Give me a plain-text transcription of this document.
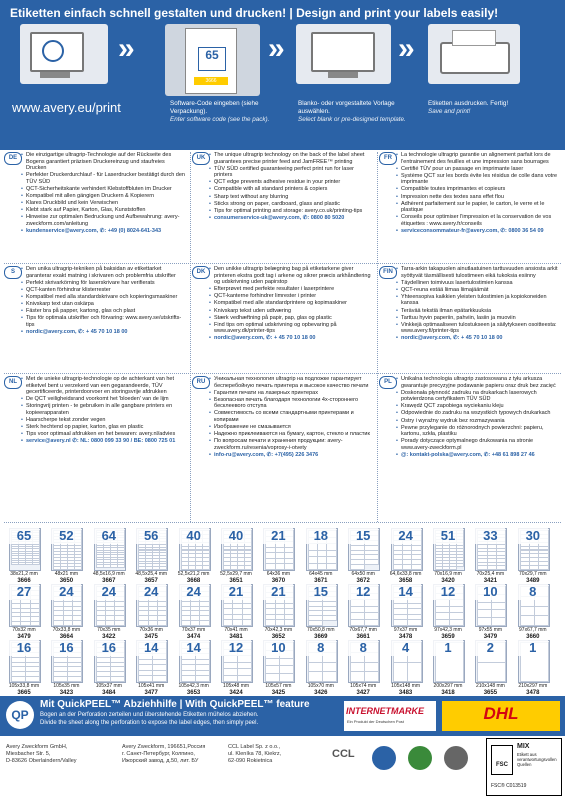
Etiketten einfach schnell gestalten und drucken! | Design and print your labels easily!
»	65
3666
»	»
www.avery.eu/print	Software-Code eingeben (siehe Verpackung).
Enter software code (see the pack).
Blanko- oder vorgestaltete Vorlage auswählen.
Select blank or pre-designed template.
Etiketten ausdrucken. Fertig!
Save and print!
DE	• Die einzigartige ultragrip-Technologie auf der Rückseite des Bogens garantiert präzisen Druckereinzug und staufreies Drucken
• Perfekter Druckerdurchlauf - für Laserdrucker bestätigt durch den TÜV SÜD
• QCT-Sicherheitskante verhindert Klebstoffbluten im Drucker
• Kompatibel mit allen gängigen Druckern & Kopierern
• Klares Druckbild und kein Verwischen
• Klebt stark auf Papier, Karton, Glas, Kunststoffen
• Hinweise zur optimalen Bedruckung und Aufbewahrung: avery-zweckform.com/anleitung
• kundenservice@avery.com, ✆: +49 (0) 8024-641-343
UK	• The unique ultragrip technology on the back of the label sheet guarantees precise printer feed and JamFREE™ printing
• TÜV SÜD certified guaranteeing perfect print run for laser printers
• QCT edge prevents adhesive residue in your printer
• Compatible with all standard printers & copiers
• Sharp text without any blurring
• Sticks strong on paper, cardboard, glass and plastic
• Tips for optimal printing and storage: avery.co.uk/printing-tips
• consumerservice-uk@avery.com, ✆: 0800 80 5020
FR	• La technologie ultragrip garantie un alignement parfait lors de l'entrainement des feuilles et une impression sans bourrages
• Certifié TÜV pour un passage en imprimante laser
• Système QCT sur les bords évite les résidus de colle dans votre imprimante
• Compatible toutes imprimantes et copieurs
• Impression nette des textes sans effet flou
• Adhèrent parfaitement sur le papier, le carton, le verre et le plastique
• Conseils pour optimiser l'impression et la conservation de vos étiquettes : www.avery.fr/conseils
• serviceconsommateur-fr@avery.com, ✆: 0800 36 54 09
S	• Den unika ultragrip-tekniken på baksidan av etikettarket garanterar exakt matning i skrivaren och problemfria utskrifter
• Perfekt skrivarkörning för laserskrivare har verifierats
• QCT-kanten förhindrar klisterrester
• Kompatibel med alla standardskrivare och kopieringsmaskiner
• Knivskarp text utan oskärpa
• Fäster bra på papper, kartong, glas och plast
• Tips för optimala utskrifter och förvaring: www.avery.se/utskrifts-tips
• nordic@avery.com, ✆: + 45 70 10 18 00
DK	• Den unikke ultragrip belægning bag på etiketarkene giver printeren ekstra godt tag i arkene og sikrer præcis arkhåndtering og udskrivning uden papirstop
• Efterprøvet med perfekte resultater i laserprintere
• QCT-kanterne forhindrer limrester i printer
• Kompatibel med alle standardprintere og kopimaskiner
• Knivskarp tekst uden udtværing
• Stærk vedhæftning på papir, pap, glas og plastic
• Find tips om optimal udskrivning og opbevaring på www.avery.dk/printer-tips
• nordic@avery.com, ✆: + 45 70 10 18 00
FIN	• Tarra-arkin takapuolen ainutlaatuinen tarttuvuuden ansiosta arkit syöttyvät täsmällisesti tulostimeen eikä tukoksia esiinny
• Täydellinen toimivuus lasertulostimien kanssa
• QCT-reuna estää liimaa liimajäämät
• Yhteensopiva kaikkien yleisten tulostimien ja kopiokoneiden kanssa
• Terävää tekstiä ilman epätarkkuuksia
• Tarttuu hyvin paperiin, pahviin, lasiin ja muoviin
• Vinkkejä optimaaliseen tulostukseen ja säilytykseen osoitteesta: www.avery.fi/printer-tips
• nordic@avery.com, ✆: + 45 70 10 18 00
NL	• Met de unieke ultragrip-technologie op de achterkant van het etiketvel bent u verzekerd van een gegarandeerde, TÜV gecertificeerde, printerdoorvoer en storingsvrije afdrukken
• De QCT veiligheidsrand voorkomt het 'bloeden' van de lijm
• Storingvrij printen - te gebruiken in alle gangbare printers en kopieerapparaten
• Haarscherpe tekst zonder vegen
• Sterk hechtend op papier, karton, glas en plastic
• Tips voor optimaal afdrukken en het bewaren: avery.nl/advies
• service@avery.nl ✆: NL: 0800 099 33 90 / BE: 0800 725 01
RU	• Уникальная технология ultragrip на подложке гарантирует бесперебойную печать принтера и высокое качество печати
• Гарантия печати на лазерных принтерах
• Безопасная печать благодаря технологии 4х-стороннего бесклеевого отступа
• Совместимость со всеми стандартными принтерами и копирами
• Изображение не смазывается
• Надежно приклеиваются на бумагу, картон, стекло и пластик
• По вопросам печати и хранения продукции: avery-zweckform.ru/resenia/voprosy-i-otvety
• info-ru@avery.com, ✆: +7(495) 226 3476
PL	• Unikalna technologia ultragrip zastosowana z tyłu arkusza gwarantuje precyzyjne podawanie papieru oraz druk bez zacięć
• Doskonała płynność zadruku na drukarkach laserowych potwierdzona certyfikatem TÜV SÜD
• Krawędź QCT zapobiega wyciekaniu kleju
• Odpowiednie do zadruku na wszystkich typowych drukarkach
• Ostry i wyraźny wydruk bez rozmazywania
• Pewne przyleganie do różnorodnych powierzchni: papieru, kartonu, szkła, plastiku
• Porady dotyczące optymalnego drukowania na stronie www.avery-zweckform.pl
• @: kontakt-polska@avery.com, ✆: +48 61 898 27 46
65
38x21,2 mm
3666
52
48x21 mm
3650
64
48,5x16,9 mm
3667
56
48,5x25,4 mm
3657
40
52,5x21,2 mm
3668
40
52,5x29,7 mm
3651
21
64x36 mm
3670
18
64x45 mm
3671
15
64x50 mm
3672
24
64,6x33,8 mm
3658
51
70x16,9 mm
3420
33
70x25,4 mm
3421
30
70x29,7 mm
3489
27
70x32 mm
3479
24
70x33,8 mm
3664
24
70x35 mm
3422
24
70x36 mm
3475
24
70x37 mm
3474
21
70x41 mm
3481
21
70x42,3 mm
3652
15
70x50,8 mm
3669
12
70x67,7 mm
3661
14
97x37 mm
3478
12
97x42,3 mm
3659
10
97x55 mm
3479
8
97x67,7 mm
3660
16
105x33,8 mm
3665
16
105x35 mm
3423
16
105x37 mm
3484
14
105x41 mm
3477
14
105x42,3 mm
3653
12
105x48 mm
3424
10
105x57 mm
3425
8
105x70 mm
3426
8
105x74 mm
3427
4
105x148 mm
3483
1
200x297 mm
3418
2
210x148 mm
3655
1
210x297 mm
3478
QP
Mit QuickPEEL™ Abziehhilfe | With QuickPEEL™ feature
Bogen an der Perforation zerteilen und überstehende Etiketten mühelos abziehen.
Divide the sheet along the perforation to expose the label edges, then simply peel.
INTERNETMARKE
Ein Produkt der Deutschen Post	DHL
Avery Zweckform GmbH,
Miesbacher Str. 5,
D-83626 Oberlaindern/Valley
Avery Zweckform, 196651,Россия
г. Санкт-Петербург, Колпино,
Ижорский завод, д.50, лит. БУ
CCL Label Sp. z o.o.,
ul. Kleníka 78, Kiekrz,
62-090 Rokietnica
CCL
FSC
MIX
Etikett aus verantwortungsvollen Quellen
FSC® C013519
